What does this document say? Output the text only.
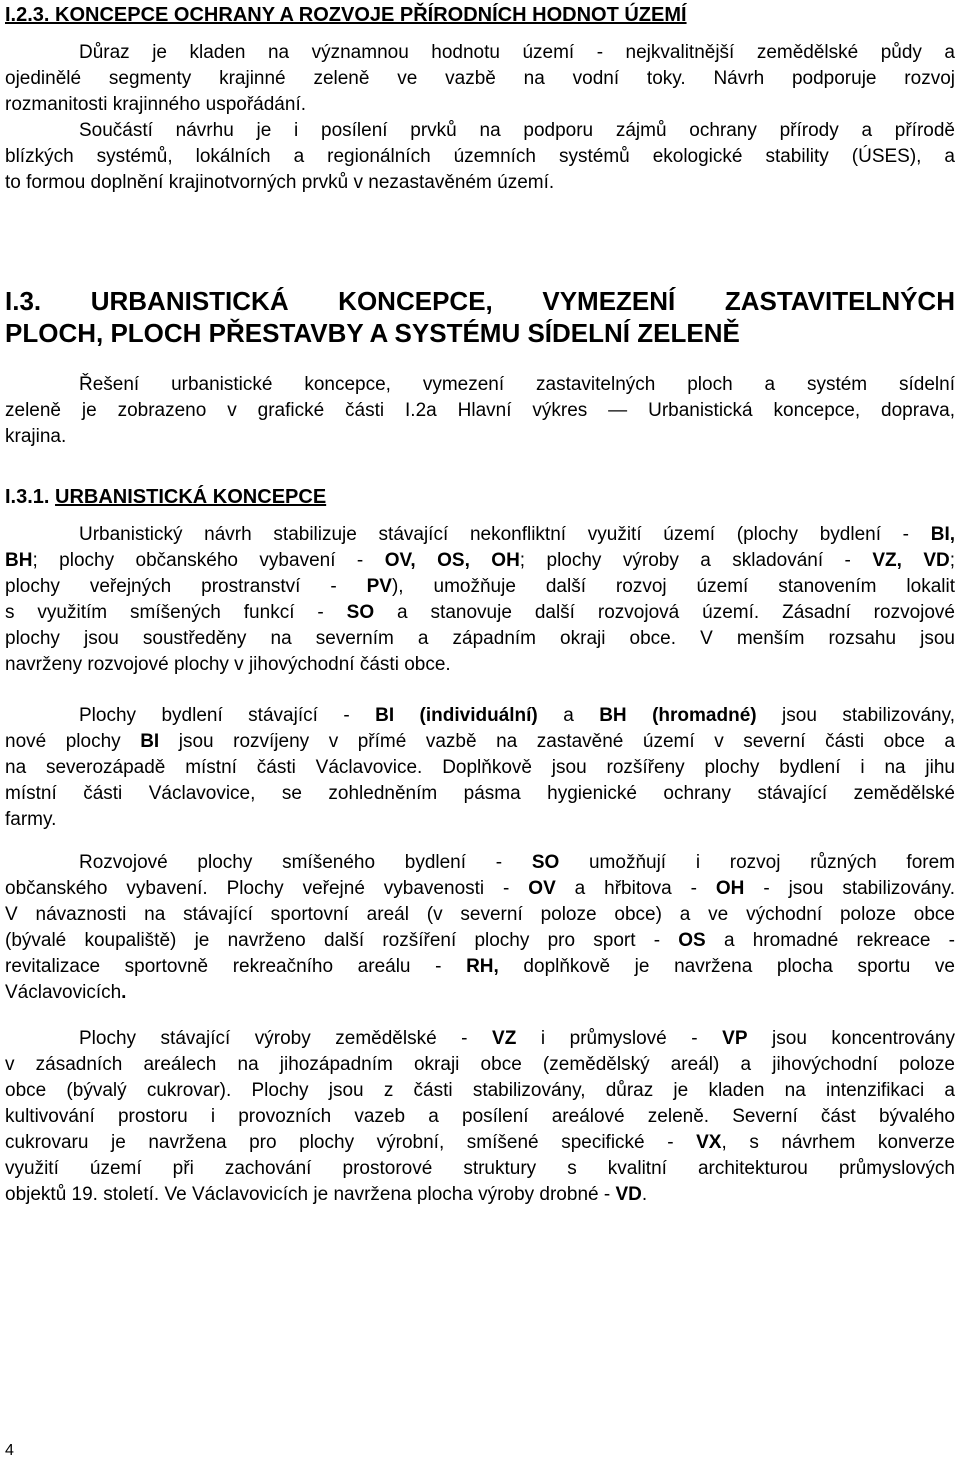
I.2.3. KONCEPCE OCHRANY A ROZVOJE PŘÍRODNÍCH HODNOT ÚZEMÍ
Důraz je kladen na významnou hodnotu území - nejkvalitnější zemědělské půdy a
ojedinělé segmenty krajinné zeleně ve vazbě na vodní toky. Návrh podporuje rozvoj
rozmanitosti krajinného uspořádání.
Součástí návrhu je i posílení prvků na podporu zájmů ochrany přírody a přírodě
blízkých systémů, lokálních a regionálních územních systémů ekologické stability (ÚSES), a
to formou doplnění krajinotvorných prvků v nezastavěném území.
I.3. URBANISTICKÁ KONCEPCE, VYMEZENÍ ZASTAVITELNÝCH
PLOCH, PLOCH PŘESTAVBY A SYSTÉMU SÍDELNÍ ZELENĚ
Řešení urbanistické koncepce, vymezení zastavitelných ploch a systém sídelní
zeleně je zobrazeno v grafické části I.2a Hlavní výkres — Urbanistická koncepce, doprava,
krajina.
I.3.1. URBANISTICKÁ KONCEPCE
Urbanistický návrh stabilizuje stávající nekonfliktní využití území (plochy bydlení - BI,
BH; plochy občanského vybavení - OV, OS, OH; plochy výroby a skladování - VZ, VD;
plochy veřejných prostranství - PV), umožňuje další rozvoj území stanovením lokalit
s využitím smíšených funkcí - SO a stanovuje další rozvojová území. Zásadní rozvojové
plochy jsou soustředěny na severním a západním okraji obce. V menším rozsahu jsou
navrženy rozvojové plochy v jihovýchodní části obce.
Plochy bydlení stávající - BI (individuální) a BH (hromadné) jsou stabilizovány,
nové plochy BI jsou rozvíjeny v přímé vazbě na zastavěné území v severní části obce a
na severozápadě místní části Václavovice. Doplňkově jsou rozšířeny plochy bydlení i na jihu
místní části Václavovice, se zohledněním pásma hygienické ochrany stávající zemědělské
farmy.
Rozvojové plochy smíšeného bydlení - SO umožňují i rozvoj různých forem
občanského vybavení. Plochy veřejné vybavenosti - OV a hřbitova - OH - jsou stabilizovány.
V návaznosti na stávající sportovní areál (v severní poloze obce) a ve východní poloze obce
(bývalé koupaliště) je navrženo další rozšíření plochy pro sport - OS a hromadné rekreace -
revitalizace sportovně rekreačního areálu - RH, doplňkově je navržena plocha sportu ve
Václavovicích.
Plochy stávající výroby zemědělské - VZ i průmyslové - VP jsou koncentrovány
v zásadních areálech na jihozápadním okraji obce (zemědělský areál) a jihovýchodní poloze
obce (bývalý cukrovar). Plochy jsou z části stabilizovány, důraz je kladen na intenzifikaci a
kultivování prostoru i provozních vazeb a posílení areálové zeleně. Severní část bývalého
cukrovaru je navržena pro plochy výrobní, smíšené specifické - VX, s návrhem konverze
využití území při zachování prostorové struktury s kvalitní architekturou průmyslových
objektů 19. století. Ve Václavovicích je navržena plocha výroby drobné - VD.
4
